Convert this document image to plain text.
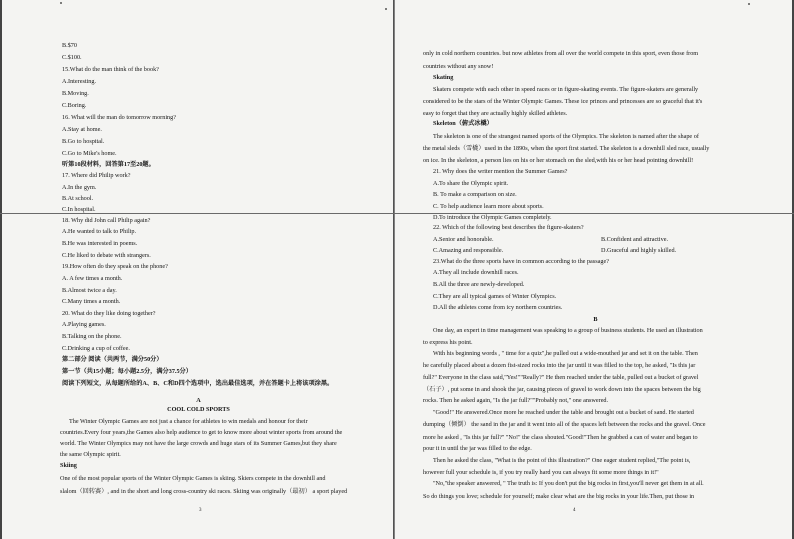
B.$70
C.$100.
15.What do the man think of the book?
A.Interesting.
B.Moving.
C.Boring.
16. What will the man do tomorrow morning?
A.Stay at home.
B.Go to hospital.
C.Go to Mike's home.
听第10段材料，回答第17至20题。
17. Where did Philip work?
A.In the gym.
B.At school.
C.In hospital.
18. Why did John call Philip again?
A.He wanted to talk to Philip.
B.He was interested in poems.
C.He liked to debate with strangers.
19.How often do they speak on the phone?
A. A few times a month.
B.Almost twice a day.
C.Many times a month.
20. What do they like doing together?
A.Playing games.
B.Talking on the phone.
C.Drinking a cup of coffee.
第二部分 阅读（共两节，满分50分）
第一节（共15小题；每小题2.5分，满分37.5分）
阅读下列短文，从每题所给的A、B、C和D四个选项中，选出最佳选项，并在答题卡上将该项涂黑。
A
COOL COLD SPORTS
The Winter Olympic Games are not just a chance for athletes to win medals and honour for their
countries.Every four years,the Games also help audience to get to know more about winter sports from around the
world. The Winter Olympics may not have the large crowds and huge stars of its Summer Games,but they share
the same Olympic spirit.
Skiing
One of the most popular sports of the Winter Olympic Games is skiing. Skiers compete in the downhill and
slalom（回转赛）, and in the short and long cross-country ski races. Skiing was originally（最初） a sport played
3
only in cold northern countries. but now athletes from all over the world compete in this sport, even those from
countries without any snow!
Skating
Skaters compete with each other in speed races or in figure-skating events. The figure-skaters are generally
considered to be the stars of the Winter Olympic Games. These ice princes and princesses are so graceful that it's
easy to forget that they are actually highly skilled athletes.
Skeleton（俯式冰橇）
The skeleton is one of the strangest named sports of the Olympics. The skeleton is named after the shape of
the metal sleds（雪橇）used in the 1890s, when the sport first started. The skeleton is a downhill sled race, usually
on ice. In the skeleton, a person lies on his or her stomach on the sled,with his or her head pointing downhill!
21. Why does the writer mention the Summer Games?
A.To share the Olympic spirit.
B. To make a comparison on size.
C. To help audience learn more about sports.
D.To introduce the Olympic Games completely.
22. Which of the following best describes the figure-skaters?
A.Senior and honorable.	B.Confident and attractive.
C.Amazing and responsible.	D.Graceful and highly skilled.
23.What do the three sports have in common according to the passage?
A.They all include downhill races.
B.All the three are newly-developed.
C.They are all typical games of Winter Olympics.
D.All the athletes come from icy northern countries.
B
One day, an expert in time management was speaking to a group of business students. He used an illustration
to express his point.
With his beginning words , " time for a quiz",he pulled out a wide-mouthed jar and set it on the table. Then
he carefully placed about a dozen fist-sized rocks into the jar until it was filled to the top, he asked, "Is this jar
full?" Everyone in the class said,"Yes!""Really?" He then reached under the table, pulled out a bucket of gravel
（石子）, put some in and shook the jar, causing pieces of gravel to work down into the spaces between the big
rocks. Then he asked again, "Is the jar full?""Probably not," one answered.
"Good!" He answered.Once more he reached under the table and brought out a bucket of sand. He started
dumping（倾倒） the sand in the jar and it went into all of the spaces left between the rocks and the gravel. Once
more he asked , "Is this jar full?" "No!" the class shouted."Good!"Then he grabbed a can of water and began to
pour it in until the jar was filled to the edge.
Then he asked the class, "What is the point of this illustration?" One eager student replied,"The point is,
however full your schedule is, if you try really hard you can always fit some more things in it!"
"No,"the speaker answered, " The truth is: If you don't put the big rocks in first,you'll never get them in at all.
So do things you love; schedule for yourself; make clear what are the big rocks in your life.Then, put those in
4
